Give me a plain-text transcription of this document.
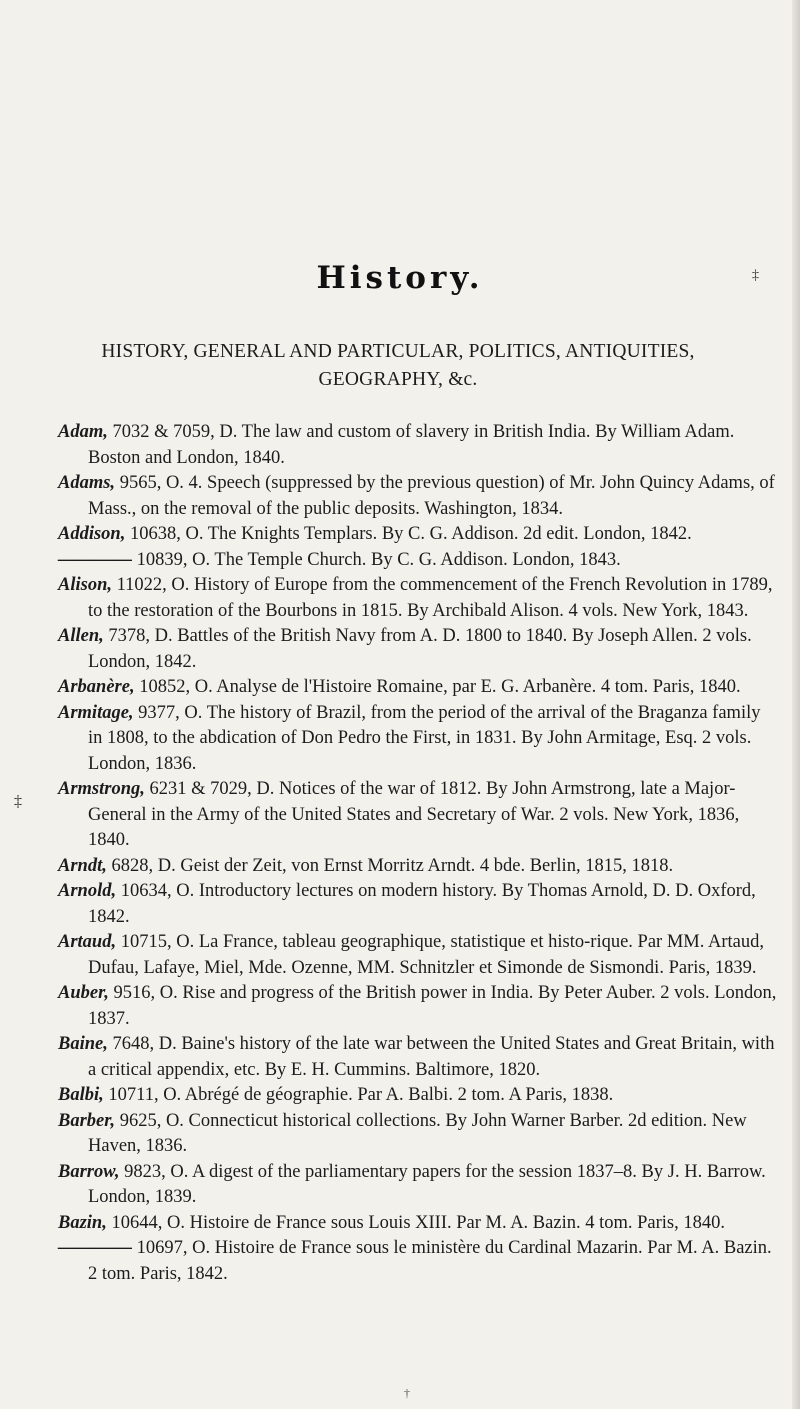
‡
‡
History.
HISTORY, GENERAL AND PARTICULAR, POLITICS, ANTIQUITIES,
GEOGRAPHY, &c.

Adam, 7032 & 7059, D. The law and custom of slavery in British India. By William Adam. Boston and London, 1840.

Adams, 9565, O. 4. Speech (suppressed by the previous question) of Mr. John Quincy Adams, of Mass., on the removal of the public deposits. Washington, 1834.

Addison, 10638, O. The Knights Templars. By C. G. Addison. 2d edit. London, 1842.

———— 10839, O. The Temple Church. By C. G. Addison. London, 1843.

Alison, 11022, O. History of Europe from the commencement of the French Revolution in 1789, to the restoration of the Bourbons in 1815. By Archibald Alison. 4 vols. New York, 1843.

Allen, 7378, D. Battles of the British Navy from A. D. 1800 to 1840. By Joseph Allen. 2 vols. London, 1842.

Arbanère, 10852, O. Analyse de l'Histoire Romaine, par E. G. Arbanère. 4 tom. Paris, 1840.

Armitage, 9377, O. The history of Brazil, from the period of the arrival of the Braganza family in 1808, to the abdication of Don Pedro the First, in 1831. By John Armitage, Esq. 2 vols. London, 1836.

Armstrong, 6231 & 7029, D. Notices of the war of 1812. By John Armstrong, late a Major-General in the Army of the United States and Secretary of War. 2 vols. New York, 1836, 1840.

Arndt, 6828, D. Geist der Zeit, von Ernst Morritz Arndt. 4 bde. Berlin, 1815, 1818.

Arnold, 10634, O. Introductory lectures on modern history. By Thomas Arnold, D. D. Oxford, 1842.

Artaud, 10715, O. La France, tableau geographique, statistique et histo-rique. Par MM. Artaud, Dufau, Lafaye, Miel, Mde. Ozenne, MM. Schnitzler et Simonde de Sismondi. Paris, 1839.

Auber, 9516, O. Rise and progress of the British power in India. By Peter Auber. 2 vols. London, 1837.

Baine, 7648, D. Baine's history of the late war between the United States and Great Britain, with a critical appendix, etc. By E. H. Cummins. Baltimore, 1820.

Balbi, 10711, O. Abrégé de géographie. Par A. Balbi. 2 tom. A Paris, 1838.

Barber, 9625, O. Connecticut historical collections. By John Warner Barber. 2d edition. New Haven, 1836.

Barrow, 9823, O. A digest of the parliamentary papers for the session 1837–8. By J. H. Barrow. London, 1839.

Bazin, 10644, O. Histoire de France sous Louis XIII. Par M. A. Bazin. 4 tom. Paris, 1840.

———— 10697, O. Histoire de France sous le ministère du Cardinal Mazarin. Par M. A. Bazin. 2 tom. Paris, 1842.

†
